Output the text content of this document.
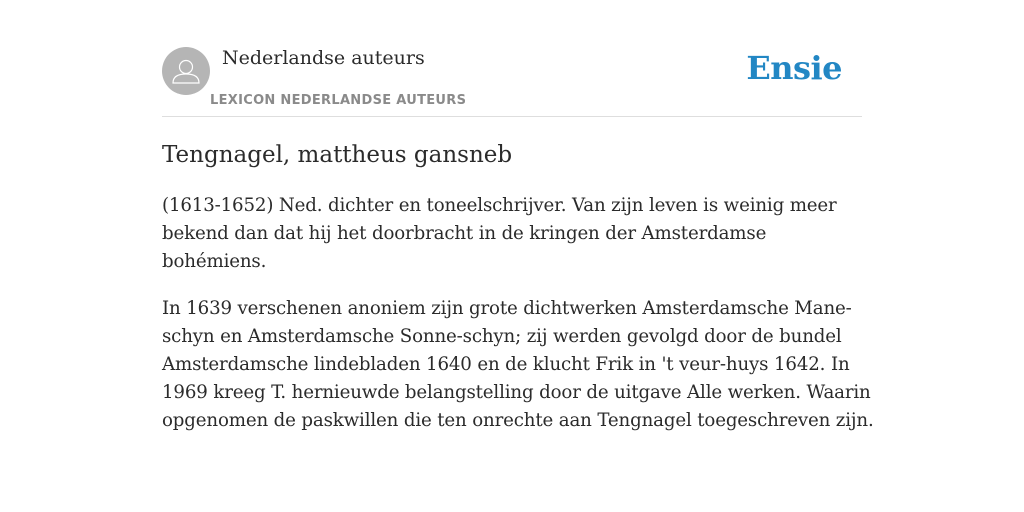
Nederlandse auteurs
LEXICON NEDERLANDSE AUTEURS
Ensie
Tengnagel, mattheus gansneb

(1613-1652) Ned. dichter en toneelschrijver. Van zijn leven is weinig meer bekend dan dat hij het doorbracht in de kringen der Amsterdamse bohémiens.

In 1639 verschenen anoniem zijn grote dichtwerken Amsterdamsche Mane-schyn en Amsterdamsche Sonne-schyn; zij werden gevolgd door de bundel Amsterdamsche lindebladen 1640 en de klucht Frik in 't veur-huys 1642. In 1969 kreeg T. hernieuwde belangstelling door de uitgave Alle werken. Waarin opgenomen de paskwillen die ten onrechte aan Tengnagel toegeschreven zijn.
